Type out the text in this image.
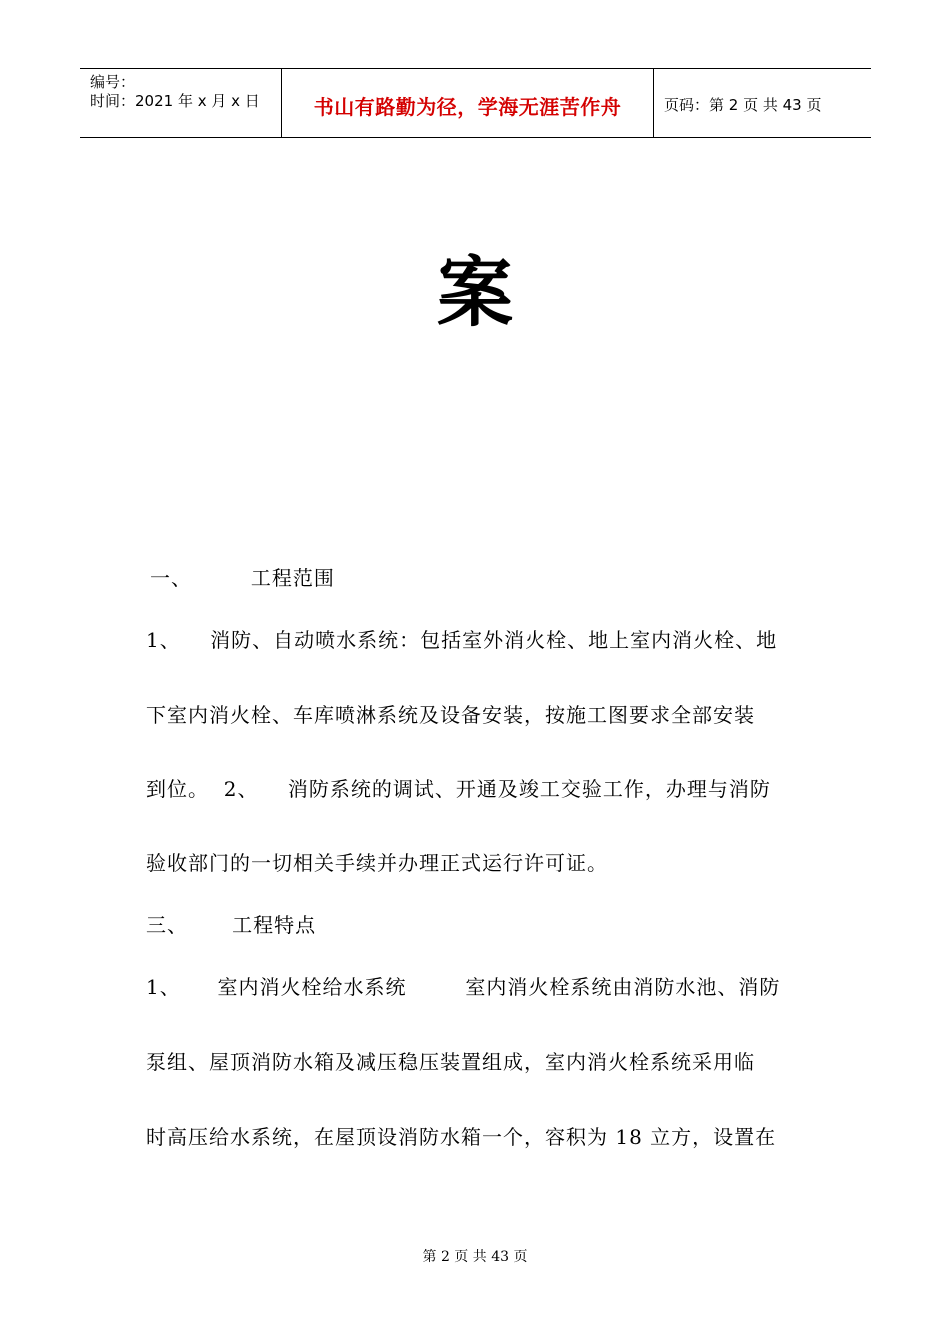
编号：
时间：2021 年 x 月 x 日	书山有路勤为径，学海无涯苦作舟	页码：第 2 页 共 43 页
案
一、        工程范围
1、    消防、自动喷水系统：包括室外消火栓、地上室内消火栓、地
下室内消火栓、车库喷淋系统及设备安装，按施工图要求全部安装
到位。  2、    消防系统的调试、开通及竣工交验工作，办理与消防
验收部门的一切相关手续并办理正式运行许可证。
三、      工程特点
1、     室内消火栓给水系统        室内消火栓系统由消防水池、消防
泵组、屋顶消防水箱及减压稳压装置组成，室内消火栓系统采用临
时高压给水系统，在屋顶设消防水箱一个，容积为 18 立方，设置在
第 2 页 共 43 页
